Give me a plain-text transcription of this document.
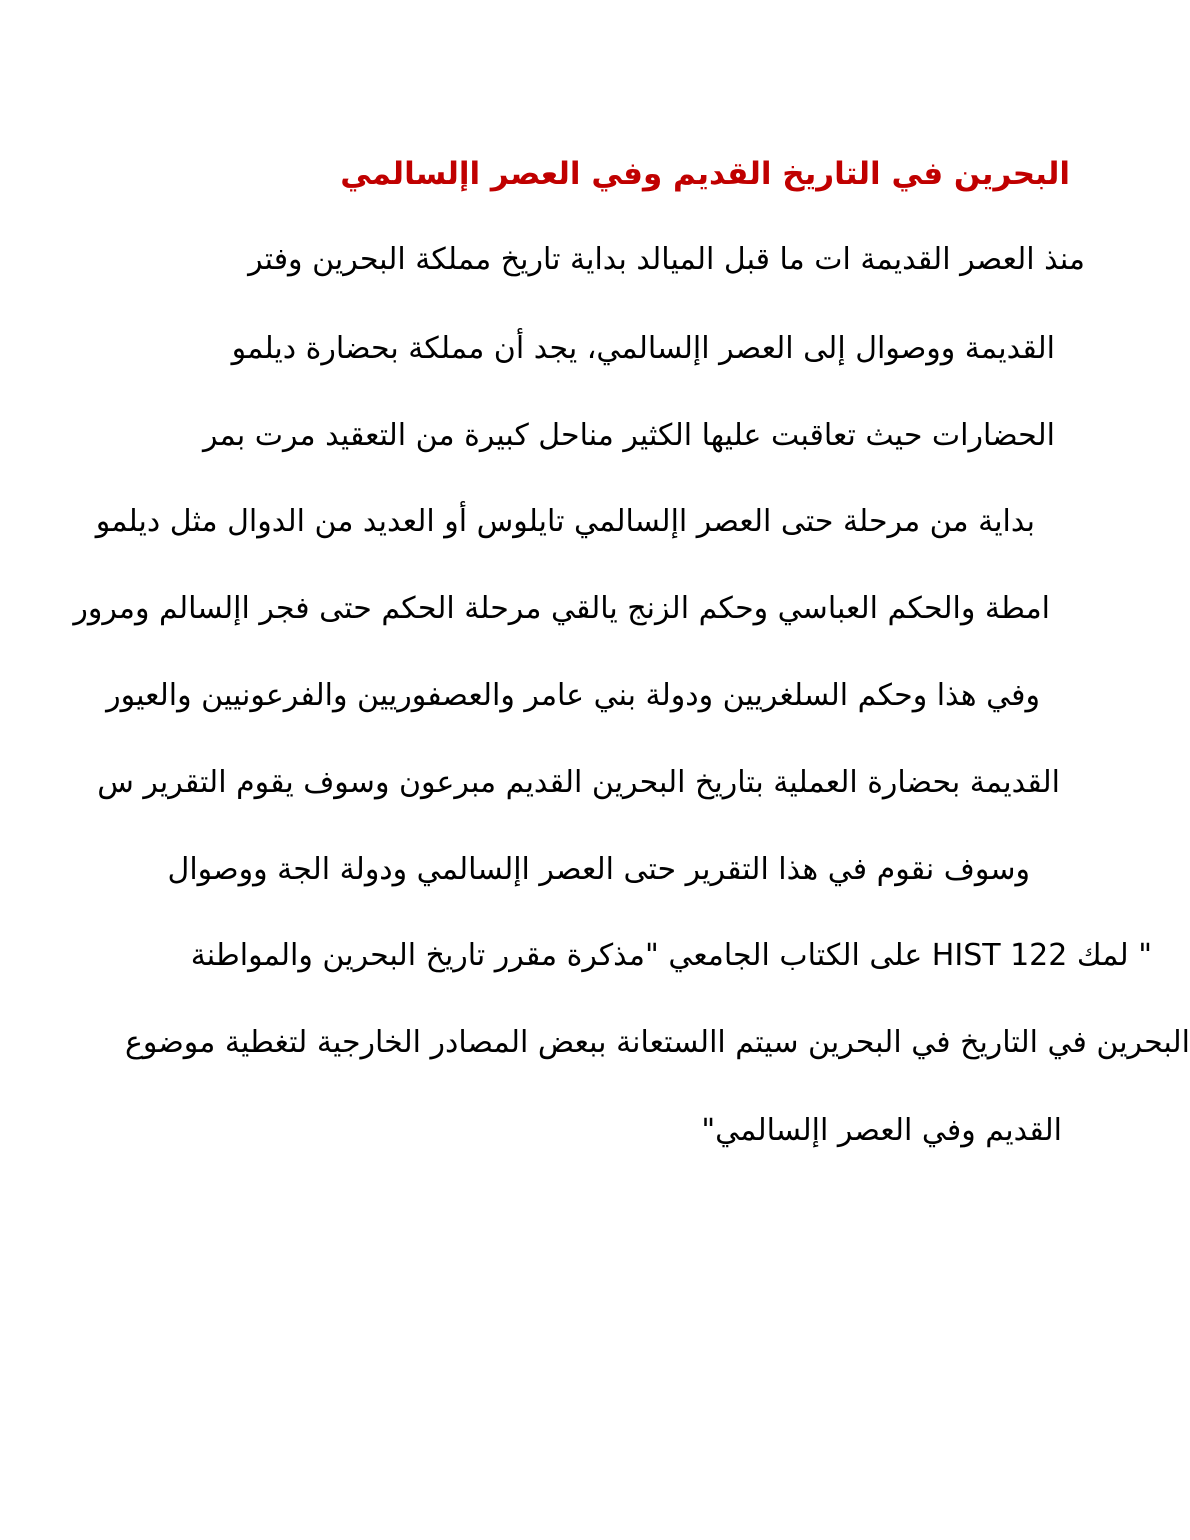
يملاسلإا رصعلا يفو ميدقلا خيراتلا يف نيرحبلا
رتفو نيرحبلا ةكلمم خيرات ةيادب دلايملا لبق ام تا ةميدقلا رصعلا ذنم
وملید ةراضحب ةكلمم نأ دجي ،يملاسلإا رصعلا ىلإ لاوصوو ةميدقلا
رمب ترم ديقعتلا نم ةريبك لحانم ريثكلا اهيلع تبقاعت ثيح تاراضحلا
وملید لثم لاودلا نم ديدعلا وأ سوليات يملاسلإا رصعلا ىتح ةلحرم نم ةيادب
رورمو ملاسلإا رجف ىتح مكحلا ةلحرم يقلاي جنزلا مكحو يسابعلا مكحلاو ةطما
رويعلاو نيينوعرفلاو نييروفصعلاو رماع ينب ةلودو نييرغلسلا مكحو اذه يفو
س ريرقتلا موقي فوسو نوعربم ميدقلا نيرحبلا خيراتب ةيلمعلا ةراضحب ةميدقلا
لاوصوو ةجلا ةلودو يملاسلإا رصعلا ىتح ريرقتلا اذه يف موقن فوسو
ةنطاوملاو نيرحبلا خيرات ررقم ةركذم" يعماجلا باتكلا ىلع HIST 122 كمل "
عوضوم ةيطغتل ةيجراخلا رداصملا ضعبب ةناعتسلاا متيس نيرحبلا يف خيراتلا يف نيرحبلا
"يملاسلإا رصعلا يفو ميدقلا
